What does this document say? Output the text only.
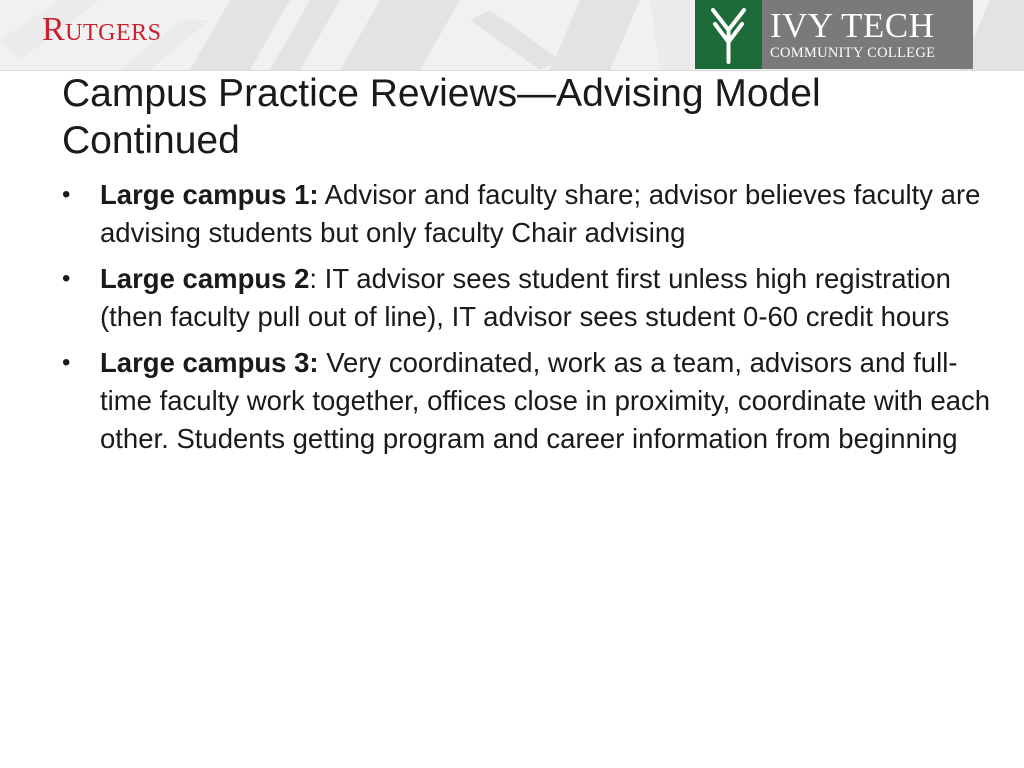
Rutgers	IVY TECH
COMMUNITY COLLEGE
Campus Practice Reviews—Advising Model Continued
• Large campus 1: Advisor and faculty share; advisor believes faculty are advising students but only faculty Chair advising
• Large campus 2: IT advisor sees student first unless high registration (then faculty pull out of line), IT advisor sees student 0-60 credit hours
• Large campus 3: Very coordinated, work as a team, advisors and full-time faculty work together, offices close in proximity, coordinate with each other. Students getting program and career information from beginning
